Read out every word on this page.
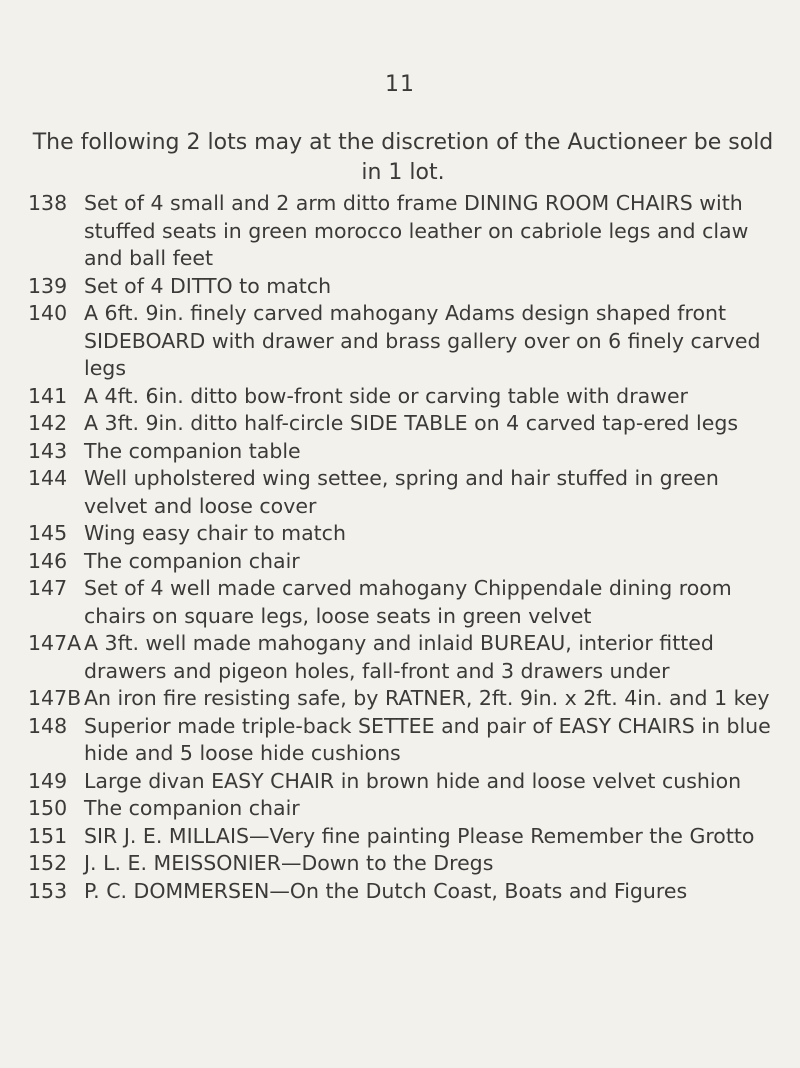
11
The following 2 lots may at the discretion of the Auctioneer be sold in 1 lot.
138 Set of 4 small and 2 arm ditto frame DINING ROOM CHAIRS with stuffed seats in green morocco leather on cabriole legs and claw and ball feet
139 Set of 4 DITTO to match
140 A 6ft. 9in. finely carved mahogany Adams design shaped front SIDEBOARD with drawer and brass gallery over on 6 finely carved legs
141 A 4ft. 6in. ditto bow-front side or carving table with drawer
142 A 3ft. 9in. ditto half-circle SIDE TABLE on 4 carved tap-ered legs
143 The companion table
144 Well upholstered wing settee, spring and hair stuffed in green velvet and loose cover
145 Wing easy chair to match
146 The companion chair
147 Set of 4 well made carved mahogany Chippendale dining room chairs on square legs, loose seats in green velvet
147A A 3ft. well made mahogany and inlaid BUREAU, interior fitted drawers and pigeon holes, fall-front and 3 drawers under
147B An iron fire resisting safe, by RATNER, 2ft. 9in. x 2ft. 4in. and 1 key
148 Superior made triple-back SETTEE and pair of EASY CHAIRS in blue hide and 5 loose hide cushions
149 Large divan EASY CHAIR in brown hide and loose velvet cushion
150 The companion chair
151 SIR J. E. MILLAIS—Very fine painting Please Remember the Grotto
152 J. L. E. MEISSONIER—Down to the Dregs
153 P. C. DOMMERSEN—On the Dutch Coast, Boats and Figures
